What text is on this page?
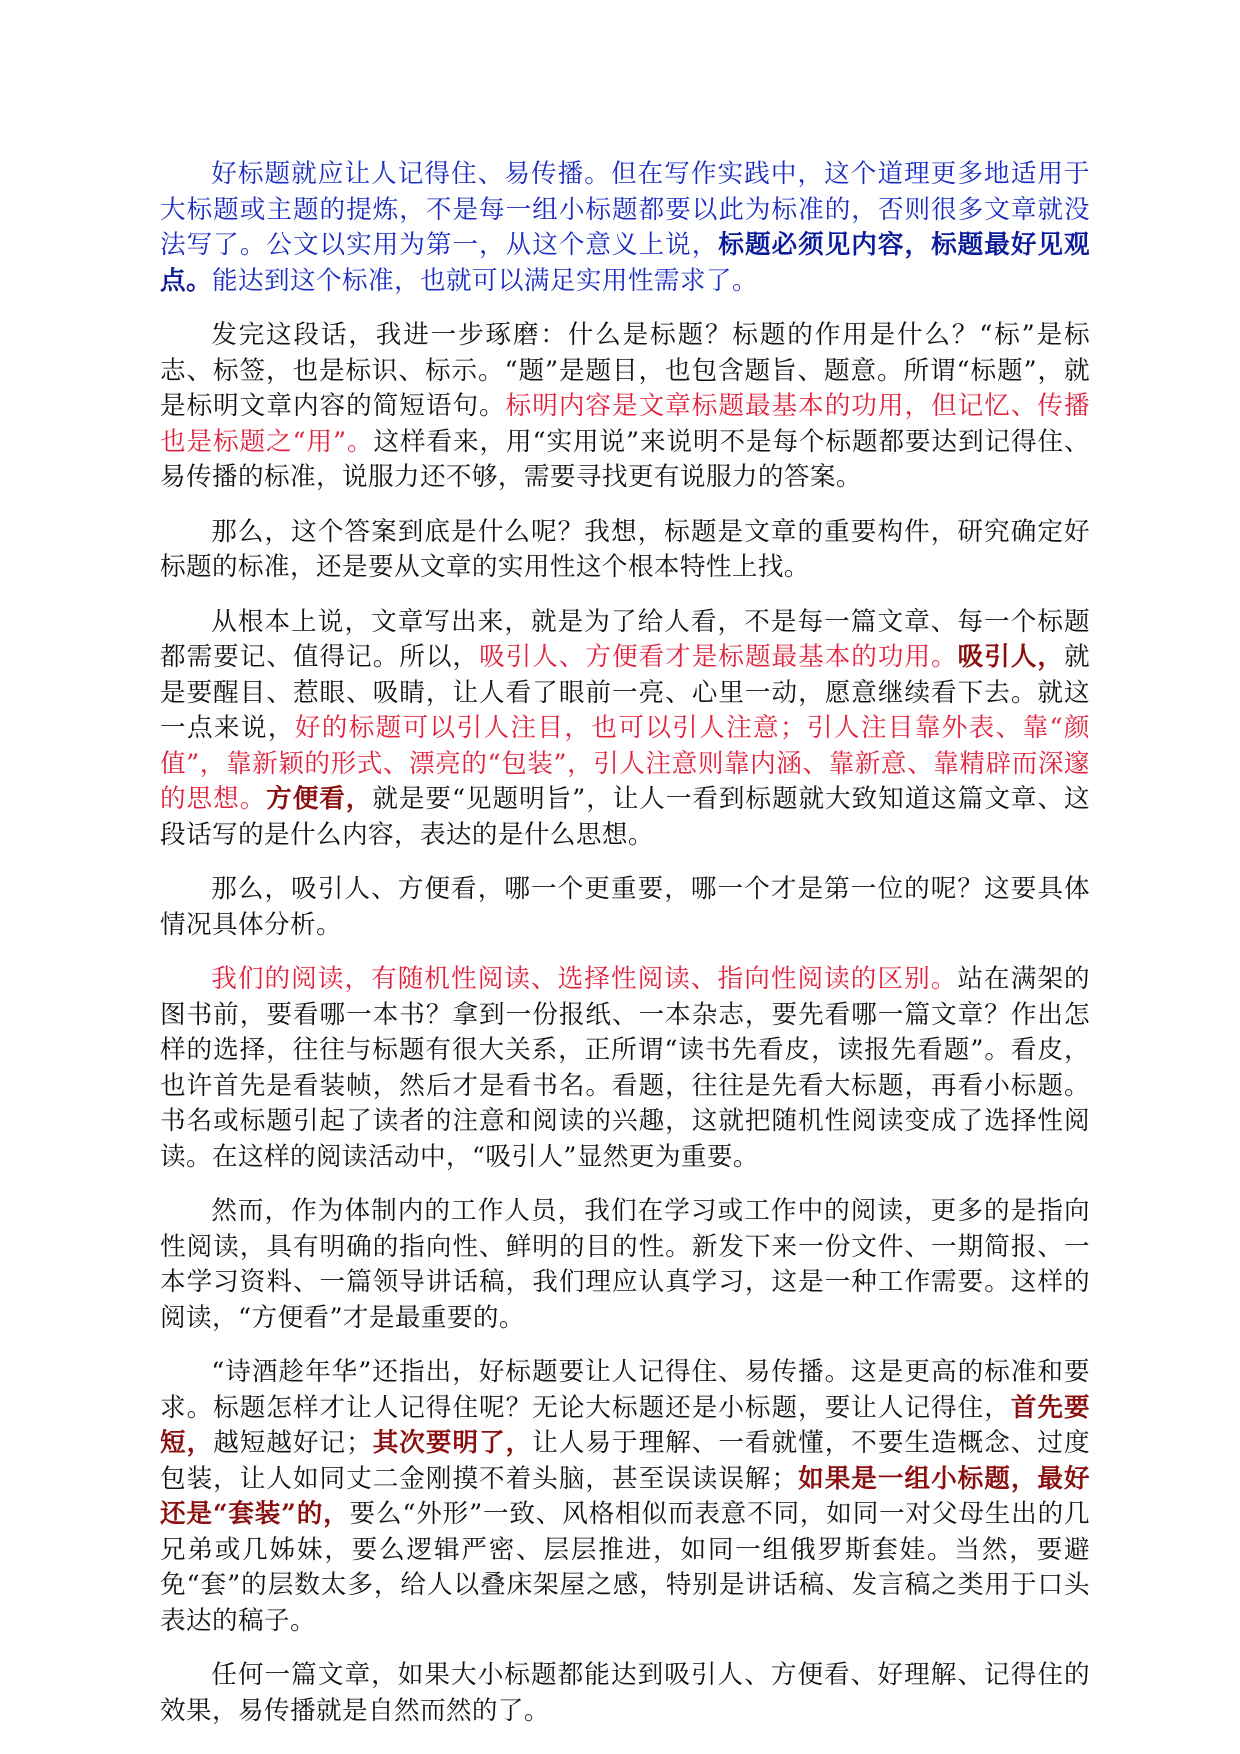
好标题就应让人记得住、易传播。但在写作实践中，这个道理更多地适用于大标题或主题的提炼，不是每一组小标题都要以此为标准的，否则很多文章就没法写了。公文以实用为第一，从这个意义上说，标题必须见内容，标题最好见观点。能达到这个标准，也就可以满足实用性需求了。

发完这段话，我进一步琢磨：什么是标题？标题的作用是什么？“标”是标志、标签，也是标识、标示。“题”是题目，也包含题旨、题意。所谓“标题”，就是标明文章内容的简短语句。标明内容是文章标题最基本的功用，但记忆、传播也是标题之“用”。这样看来，用“实用说”来说明不是每个标题都要达到记得住、易传播的标准，说服力还不够，需要寻找更有说服力的答案。

那么，这个答案到底是什么呢？我想，标题是文章的重要构件，研究确定好标题的标准，还是要从文章的实用性这个根本特性上找。

从根本上说，文章写出来，就是为了给人看，不是每一篇文章、每一个标题都需要记、值得记。所以，吸引人、方便看才是标题最基本的功用。吸引人，就是要醒目、惹眼、吸睛，让人看了眼前一亮、心里一动，愿意继续看下去。就这一点来说，好的标题可以引人注目，也可以引人注意；引人注目靠外表、靠“颜值”，靠新颖的形式、漂亮的“包装”，引人注意则靠内涵、靠新意、靠精辟而深邃的思想。方便看，就是要“见题明旨”，让人一看到标题就大致知道这篇文章、这段话写的是什么内容，表达的是什么思想。

那么，吸引人、方便看，哪一个更重要，哪一个才是第一位的呢？这要具体情况具体分析。

我们的阅读，有随机性阅读、选择性阅读、指向性阅读的区别。站在满架的图书前，要看哪一本书？拿到一份报纸、一本杂志，要先看哪一篇文章？作出怎样的选择，往往与标题有很大关系，正所谓“读书先看皮，读报先看题”。看皮，也许首先是看装帧，然后才是看书名。看题，往往是先看大标题，再看小标题。书名或标题引起了读者的注意和阅读的兴趣，这就把随机性阅读变成了选择性阅读。在这样的阅读活动中，“吸引人”显然更为重要。

然而，作为体制内的工作人员，我们在学习或工作中的阅读，更多的是指向性阅读，具有明确的指向性、鲜明的目的性。新发下来一份文件、一期简报、一本学习资料、一篇领导讲话稿，我们理应认真学习，这是一种工作需要。这样的阅读，“方便看”才是最重要的。

“诗酒趁年华”还指出，好标题要让人记得住、易传播。这是更高的标准和要求。标题怎样才让人记得住呢？无论大标题还是小标题，要让人记得住，首先要短，越短越好记；其次要明了，让人易于理解、一看就懂，不要生造概念、过度包装，让人如同丈二金刚摸不着头脑，甚至误读误解；如果是一组小标题，最好还是“套装”的，要么“外形”一致、风格相似而表意不同，如同一对父母生出的几兄弟或几姊妹，要么逻辑严密、层层推进，如同一组俄罗斯套娃。当然，要避免“套”的层数太多，给人以叠床架屋之感，特别是讲话稿、发言稿之类用于口头表达的稿子。

任何一篇文章，如果大小标题都能达到吸引人、方便看、好理解、记得住的效果，易传播就是自然而然的了。
